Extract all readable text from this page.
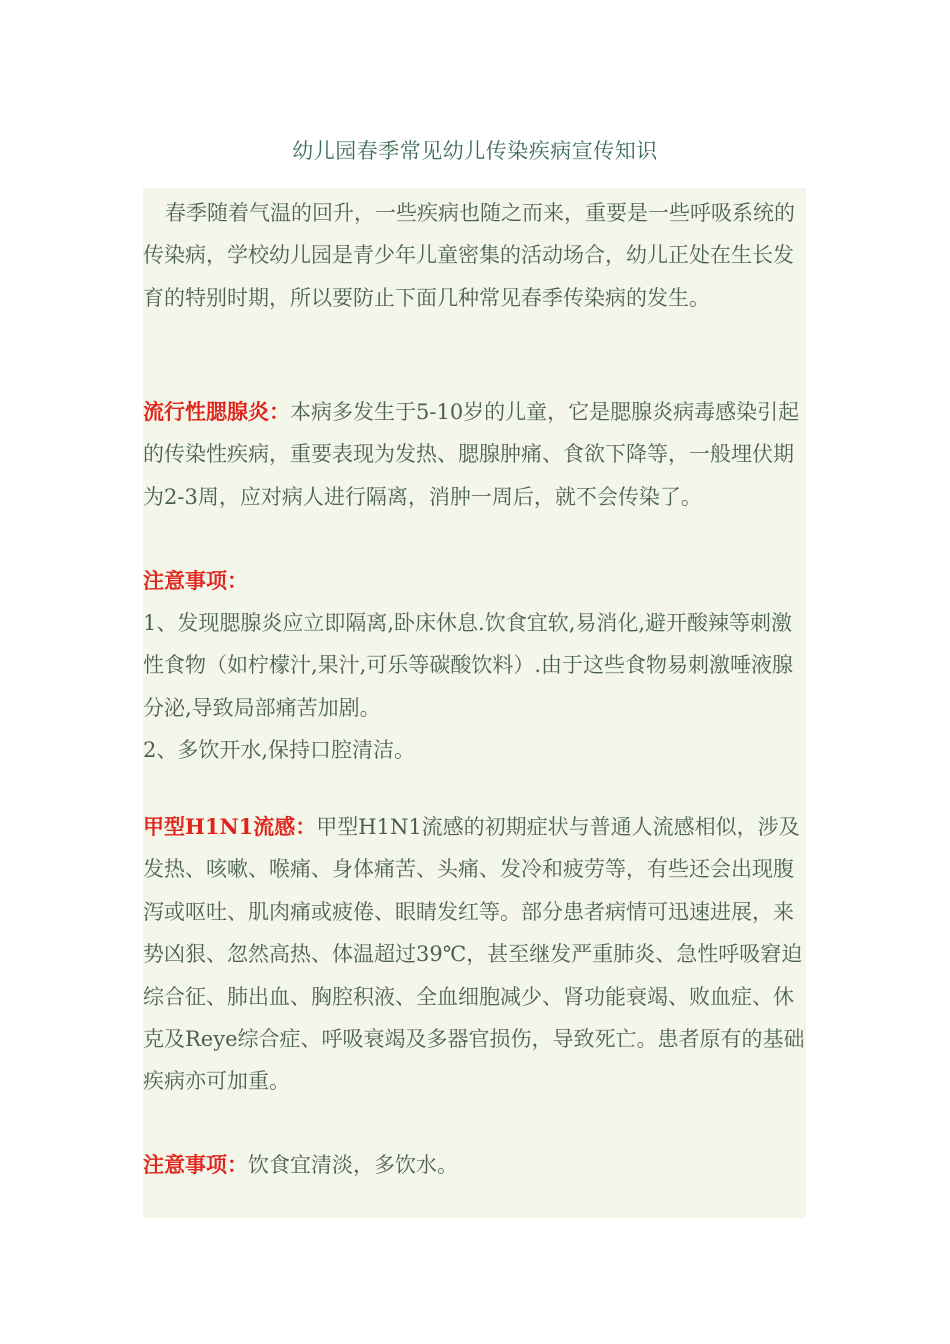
幼儿园春季常见幼儿传染疾病宣传知识

春季随着气温的回升，一些疾病也随之而来，重要是一些呼吸系统的传染病，学校幼儿园是青少年儿童密集的活动场合，幼儿正处在生长发育的特别时期，所以要防止下面几种常见春季传染病的发生。

流行性腮腺炎：本病多发生于5-10岁的儿童，它是腮腺炎病毒感染引起的传染性疾病，重要表现为发热、腮腺肿痛、食欲下降等，一般埋伏期为2-3周，应对病人进行隔离，消肿一周后，就不会传染了。

注意事项：

1、发现腮腺炎应立即隔离,卧床休息.饮食宜软,易消化,避开酸辣等刺激性食物（如柠檬汁,果汁,可乐等碳酸饮料）.由于这些食物易刺激唾液腺分泌,导致局部痛苦加剧。

2、多饮开水,保持口腔清洁。

甲型H1N1流感：甲型H1N1流感的初期症状与普通人流感相似，涉及发热、咳嗽、喉痛、身体痛苦、头痛、发冷和疲劳等，有些还会出现腹泻或呕吐、肌肉痛或疲倦、眼睛发红等。部分患者病情可迅速进展，来势凶狠、忽然高热、体温超过39℃，甚至继发严重肺炎、急性呼吸窘迫综合征、肺出血、胸腔积液、全血细胞减少、肾功能衰竭、败血症、休克及Reye综合症、呼吸衰竭及多器官损伤，导致死亡。患者原有的基础疾病亦可加重。

注意事项：饮食宜清淡，多饮水。
